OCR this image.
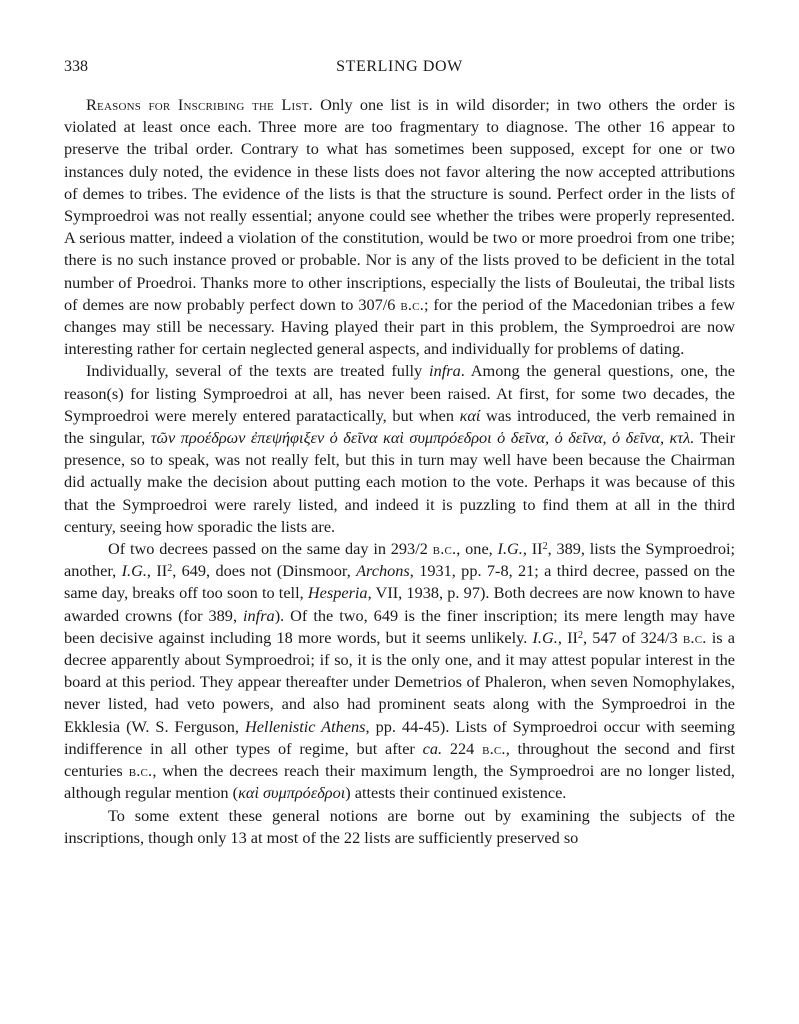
338	STERLING DOW

Reasons for Inscribing the List. Only one list is in wild disorder; in two others the order is violated at least once each. Three more are too fragmentary to diagnose. The other 16 appear to preserve the tribal order. Contrary to what has sometimes been supposed, except for one or two instances duly noted, the evidence in these lists does not favor altering the now accepted attributions of demes to tribes. The evidence of the lists is that the structure is sound. Perfect order in the lists of Symproedroi was not really essential; anyone could see whether the tribes were properly represented. A serious matter, indeed a violation of the constitution, would be two or more proedroi from one tribe; there is no such instance proved or probable. Nor is any of the lists proved to be deficient in the total number of Proedroi. Thanks more to other inscriptions, especially the lists of Bouleutai, the tribal lists of demes are now probably perfect down to 307/6 b.c.; for the period of the Macedonian tribes a few changes may still be necessary. Having played their part in this problem, the Symproedroi are now interesting rather for certain neglected general aspects, and individually for problems of dating.

Individually, several of the texts are treated fully infra. Among the general questions, one, the reason(s) for listing Symproedroi at all, has never been raised. At first, for some two decades, the Symproedroi were merely entered paratactically, but when καί was introduced, the verb remained in the singular, τῶν προέδρων ἐπεψήφιξεν ὁ δεῖνα καὶ συμπρόεδροι ὁ δεῖνα, ὁ δεῖνα, ὁ δεῖνα, κτλ. Their presence, so to speak, was not really felt, but this in turn may well have been because the Chairman did actually make the decision about putting each motion to the vote. Perhaps it was because of this that the Symproedroi were rarely listed, and indeed it is puzzling to find them at all in the third century, seeing how sporadic the lists are.

Of two decrees passed on the same day in 293/2 b.c., one, I.G., $II^2$, 389, lists the Symproedroi; another, I.G., $II^2$, 649, does not (Dinsmoor, Archons, 1931, pp. 7-8, 21; a third decree, passed on the same day, breaks off too soon to tell, Hesperia, VII, 1938, p. 97). Both decrees are now known to have awarded crowns (for 389, infra). Of the two, 649 is the finer inscription; its mere length may have been decisive against including 18 more words, but it seems unlikely. I.G., $II^2$, 547 of 324/3 b.c. is a decree apparently about Symproedroi; if so, it is the only one, and it may attest popular interest in the board at this period. They appear thereafter under Demetrios of Phaleron, when seven Nomophylakes, never listed, had veto powers, and also had prominent seats along with the Symproedroi in the Ekklesia (W. S. Ferguson, Hellenistic Athens, pp. 44-45). Lists of Symproedroi occur with seeming indifference in all other types of regime, but after ca. 224 b.c., throughout the second and first centuries b.c., when the decrees reach their maximum length, the Symproedroi are no longer listed, although regular mention (καὶ συμπρόεδροι) attests their continued existence.

To some extent these general notions are borne out by examining the subjects of the inscriptions, though only 13 at most of the 22 lists are sufficiently preserved so
